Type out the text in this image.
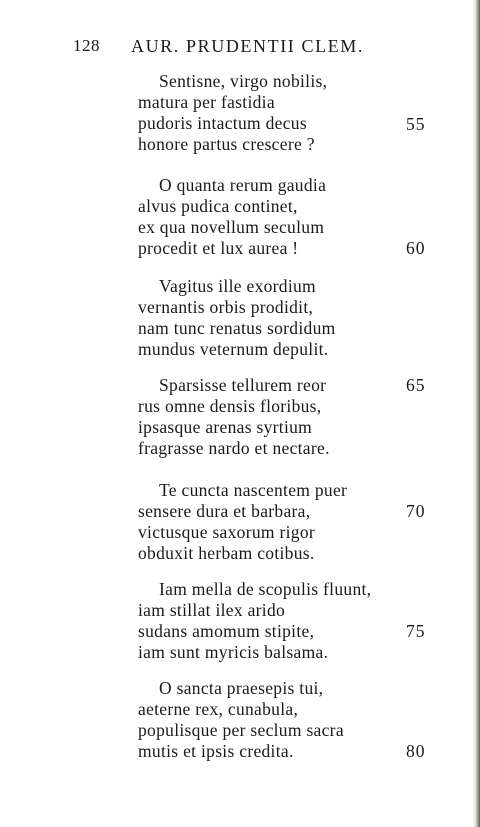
128 AUR. PRUDENTII CLEM.
Sentisne, virgo nobilis,
matura per fastidia
pudoris intactum decus
honore partus crescere ?
55
O quanta rerum gaudia
alvus pudica continet,
ex qua novellum seculum
procedit et lux aurea !	60
Vagitus ille exordium
vernantis orbis prodidit,
nam tunc renatus sordidum
mundus veternum depulit.
Sparsisse tellurem reor
rus omne densis floribus,
ipsasque arenas syrtium
fragrasse nardo et nectare.
65
Te cuncta nascentem puer
sensere dura et barbara,
victusque saxorum rigor
obduxit herbam cotibus.
70
Iam mella de scopulis fluunt,
iam stillat ilex arido
sudans amomum stipite,
iam sunt myricis balsama.
75
O sancta praesepis tui,
aeterne rex, cunabula,
populisque per seclum sacra
mutis et ipsis credita.	80
